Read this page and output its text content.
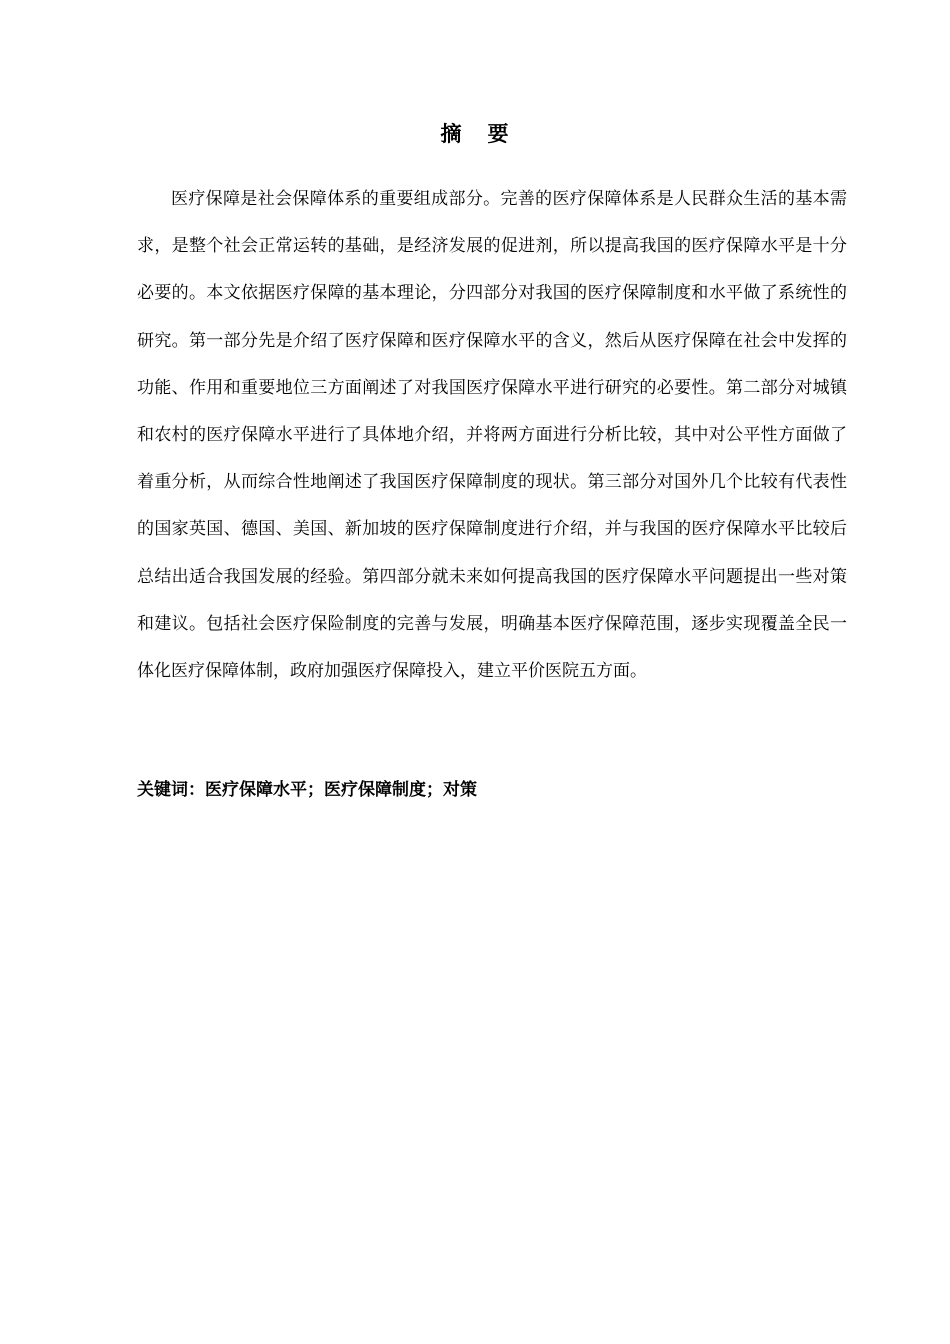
摘要

医疗保障是社会保障体系的重要组成部分。完善的医疗保障体系是人民群众生活的基本需求，是整个社会正常运转的基础，是经济发展的促进剂，所以提高我国的医疗保障水平是十分必要的。本文依据医疗保障的基本理论，分四部分对我国的医疗保障制度和水平做了系统性的研究。第一部分先是介绍了医疗保障和医疗保障水平的含义，然后从医疗保障在社会中发挥的功能、作用和重要地位三方面阐述了对我国医疗保障水平进行研究的必要性。第二部分对城镇和农村的医疗保障水平进行了具体地介绍，并将两方面进行分析比较，其中对公平性方面做了着重分析，从而综合性地阐述了我国医疗保障制度的现状。第三部分对国外几个比较有代表性的国家英国、德国、美国、新加坡的医疗保障制度进行介绍，并与我国的医疗保障水平比较后总结出适合我国发展的经验。第四部分就未来如何提高我国的医疗保障水平问题提出一些对策和建议。包括社会医疗保险制度的完善与发展，明确基本医疗保障范围，逐步实现覆盖全民一体化医疗保障体制，政府加强医疗保障投入，建立平价医院五方面。

关键词：医疗保障水平；医疗保障制度；对策
